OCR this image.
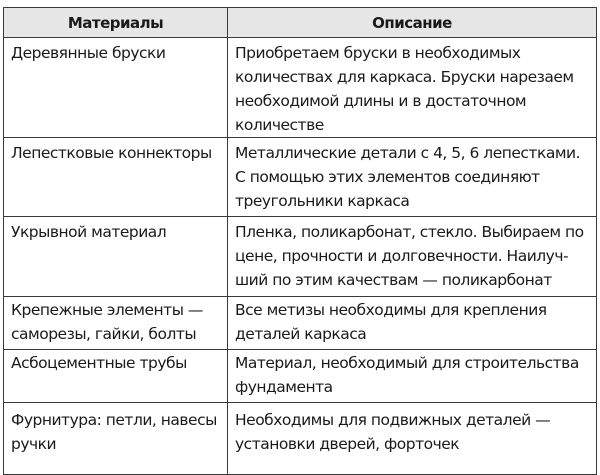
Материалы	Описание

Деревянные бруски	Приобретаем бруски в необходимых
количествах для каркаса. Бруски нарезаем
необходимой длины и в достаточном
количестве

Лепестковые коннекторы	Металлические детали с 4, 5, 6 лепестками.
С помощью этих элементов соединяют
треугольники каркаса

Укрывной материал	Пленка, поликарбонат, стекло. Выбираем по
цене, прочности и долговечности. Наилуч-
ший по этим качествам — поликарбонат

Крепежные элементы —
саморезы, гайки, болты	Все метизы необходимы для крепления
деталей каркаса

Асбоцементные трубы	Материал, необходимый для строительства
фундамента

Фурнитура: петли, навесы
ручки	Необходимы для подвижных деталей —
установки дверей, форточек
